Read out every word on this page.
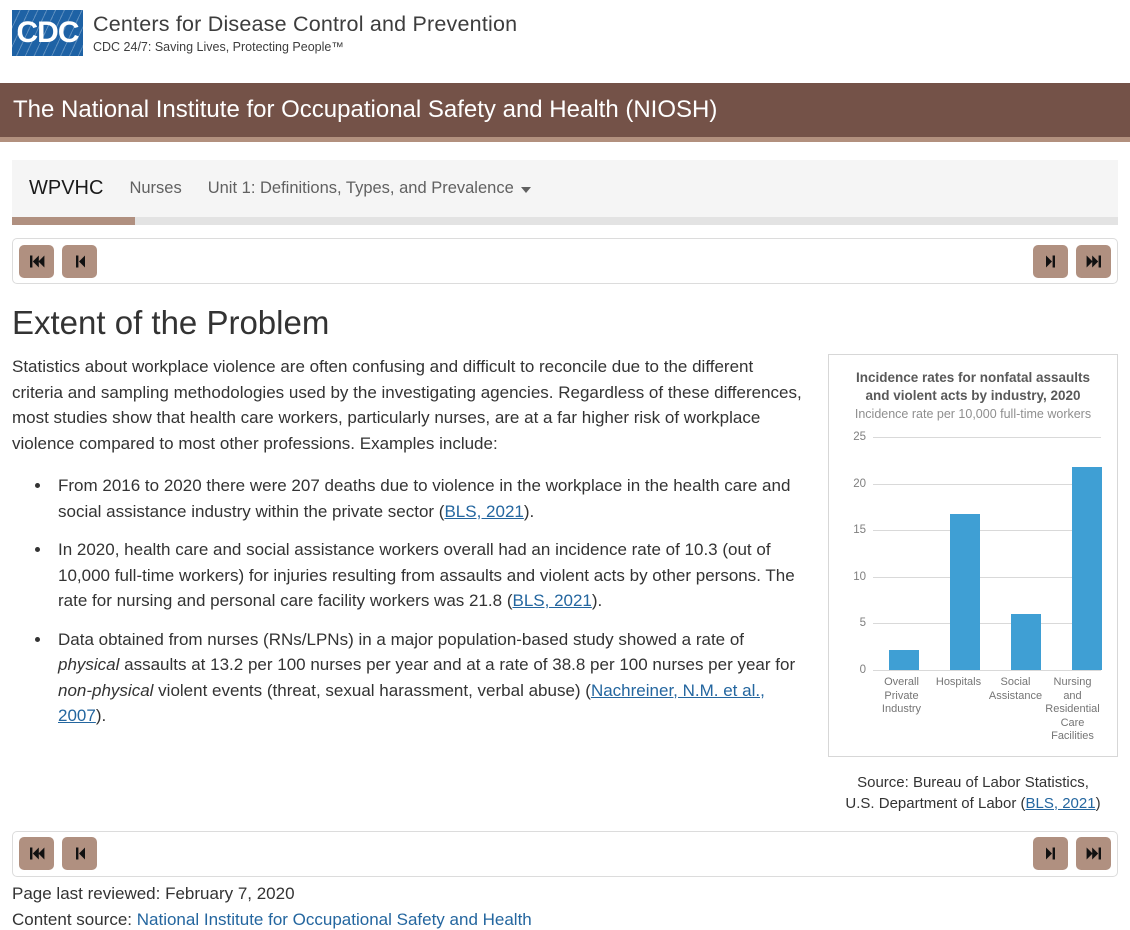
CDC Centers for Disease Control and Prevention
CDC 24/7: Saving Lives, Protecting People™
The National Institute for Occupational Safety and Health (NIOSH)
WPVHC Nurses Unit 1: Definitions, Types, and Prevalence
Extent of the Problem

Statistics about workplace violence are often confusing and difficult to reconcile due to the different criteria and sampling methodologies used by the investigating agencies. Regardless of these differences, most studies show that health care workers, particularly nurses, are at a far higher risk of workplace violence compared to most other professions. Examples include:

• From 2016 to 2020 there were 207 deaths due to violence in the workplace in the health care and social assistance industry within the private sector (BLS, 2021).
• In 2020, health care and social assistance workers overall had an incidence rate of 10.3 (out of 10,000 full-time workers) for injuries resulting from assaults and violent acts by other persons. The rate for nursing and personal care facility workers was 21.8 (BLS, 2021).
• Data obtained from nurses (RNs/LPNs) in a major population-based study showed a rate of physical assaults at 13.2 per 100 nurses per year and at a rate of 38.8 per 100 nurses per year for non-physical violent events (threat, sexual harassment, verbal abuse) (Nachreiner, N.M. et al., 2007).
Incidence rates for nonfatal assaults and violent acts by industry, 2020
Incidence rate per 10,000 full-time workers
0
5
10
15
20
25
Overall Private Industry
Hospitals	Social Assistance
Nursing and Residential Care Facilities
Source: Bureau of Labor Statistics,
U.S. Department of Labor (BLS, 2021)
Page last reviewed: February 7, 2020
Content source: National Institute for Occupational Safety and Health
